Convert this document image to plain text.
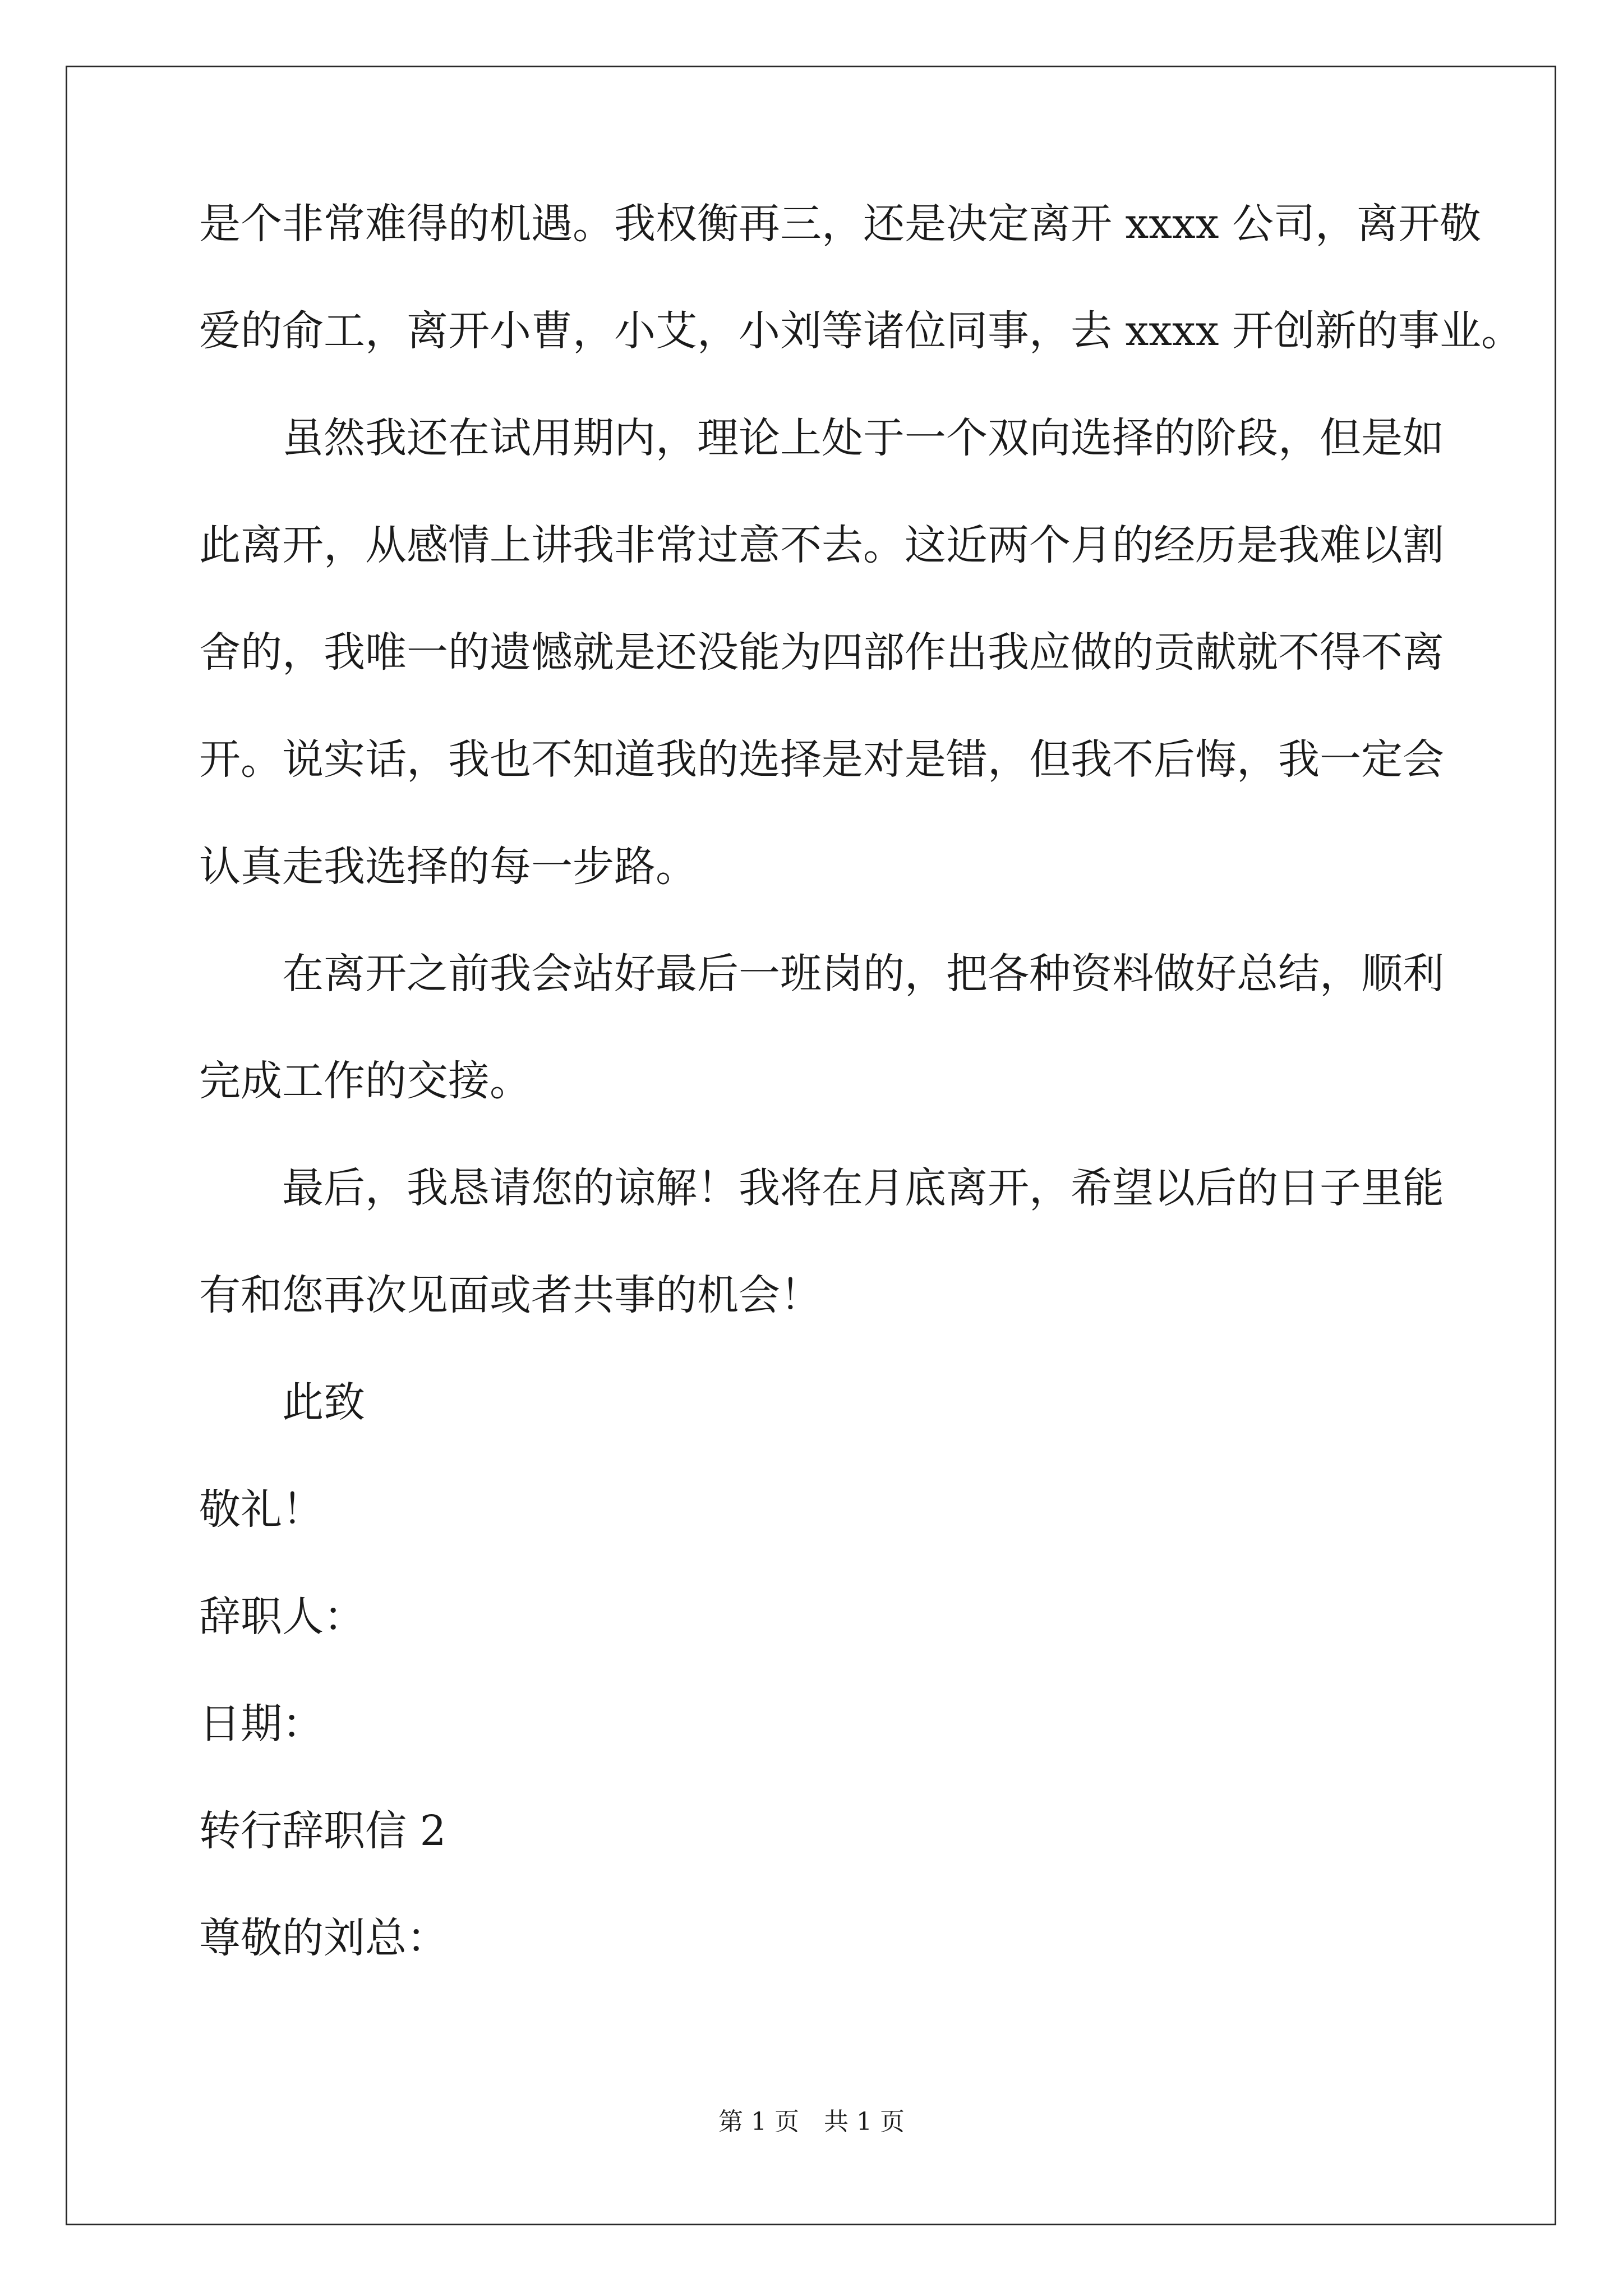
是个非常难得的机遇。我权衡再三，还是决定离开 xxxx 公司，离开敬

爱的俞工，离开小曹，小艾，小刘等诸位同事，去 xxxx 开创新的事业。

虽然我还在试用期内，理论上处于一个双向选择的阶段，但是如

此离开，从感情上讲我非常过意不去。这近两个月的经历是我难以割

舍的，我唯一的遗憾就是还没能为四部作出我应做的贡献就不得不离

开。说实话，我也不知道我的选择是对是错，但我不后悔，我一定会

认真走我选择的每一步路。

在离开之前我会站好最后一班岗的，把各种资料做好总结，顺利

完成工作的交接。

最后，我恳请您的谅解！我将在月底离开，希望以后的日子里能

有和您再次见面或者共事的机会！

此致

敬礼！

辞职人：

日期：

转行辞职信 2

尊敬的刘总：

第 1 页　共 1 页
